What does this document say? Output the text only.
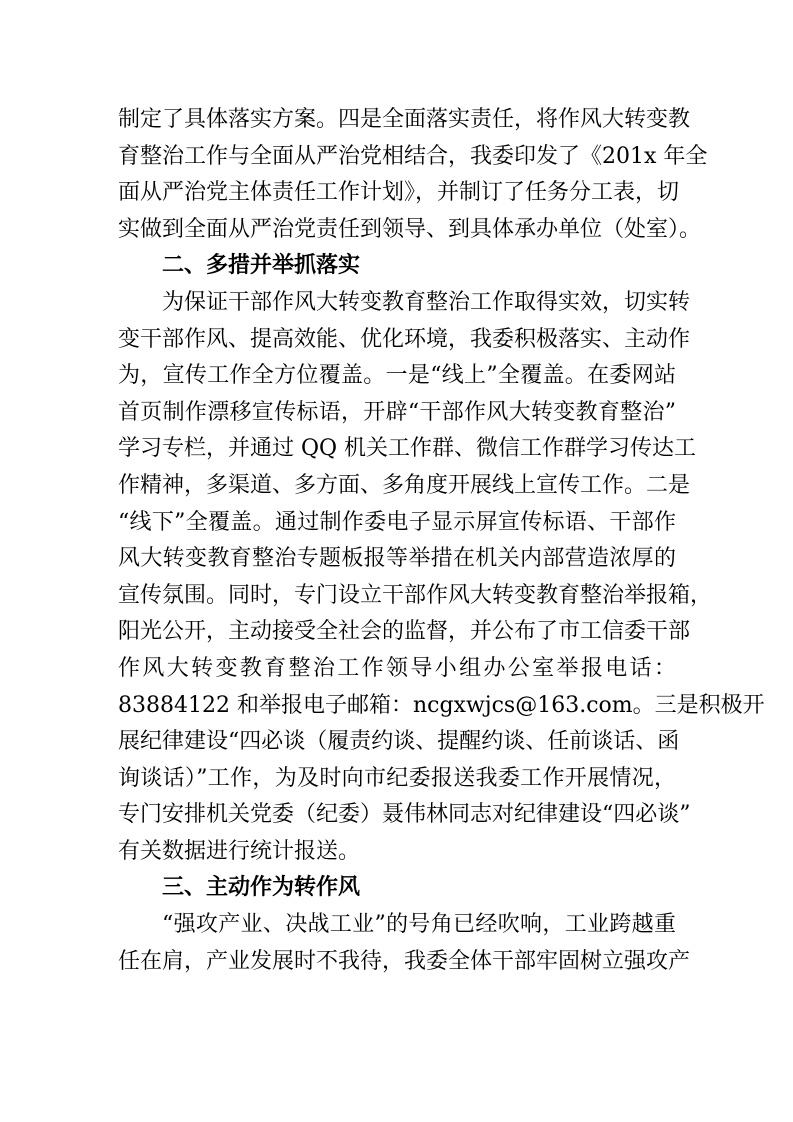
制定了具体落实方案。四是全面落实责任，将作风大转变教
育整治工作与全面从严治党相结合，我委印发了《201x 年全
面从严治党主体责任工作计划》，并制订了任务分工表，切
实做到全面从严治党责任到领导、到具体承办单位（处室）。
二、多措并举抓落实
为保证干部作风大转变教育整治工作取得实效，切实转
变干部作风、提高效能、优化环境，我委积极落实、主动作
为，宣传工作全方位覆盖。一是“线上”全覆盖。在委网站
首页制作漂移宣传标语，开辟“干部作风大转变教育整治”
学习专栏，并通过 QQ 机关工作群、微信工作群学习传达工
作精神，多渠道、多方面、多角度开展线上宣传工作。二是
“线下”全覆盖。通过制作委电子显示屏宣传标语、干部作
风大转变教育整治专题板报等举措在机关内部营造浓厚的
宣传氛围。同时，专门设立干部作风大转变教育整治举报箱，
阳光公开，主动接受全社会的监督，并公布了市工信委干部
作风大转变教育整治工作领导小组办公室举报电话：
83884122 和举报电子邮箱：ncgxwjcs@163.com。三是积极开
展纪律建设“四必谈（履责约谈、提醒约谈、任前谈话、函
询谈话）”工作，为及时向市纪委报送我委工作开展情况，
专门安排机关党委（纪委）聂伟林同志对纪律建设“四必谈”
有关数据进行统计报送。
三、主动作为转作风
“强攻产业、决战工业”的号角已经吹响，工业跨越重
任在肩，产业发展时不我待，我委全体干部牢固树立强攻产
